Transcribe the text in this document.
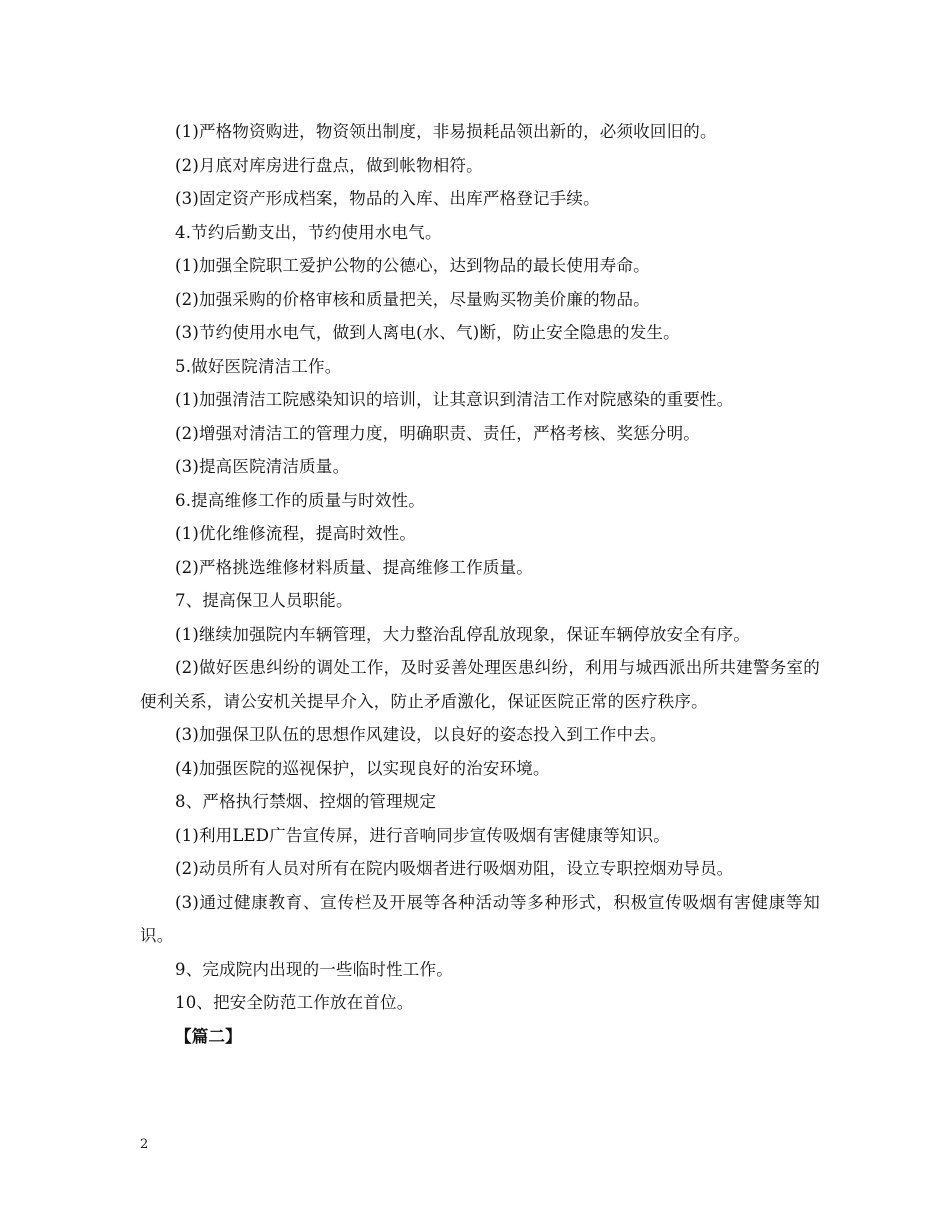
(1)严格物资购进，物资领出制度，非易损耗品领出新的，必须收回旧的。

(2)月底对库房进行盘点，做到帐物相符。

(3)固定资产形成档案，物品的入库、出库严格登记手续。

4.节约后勤支出，节约使用水电气。

(1)加强全院职工爱护公物的公德心，达到物品的最长使用寿命。

(2)加强采购的价格审核和质量把关，尽量购买物美价廉的物品。

(3)节约使用水电气，做到人离电(水、气)断，防止安全隐患的发生。

5.做好医院清洁工作。

(1)加强清洁工院感染知识的培训，让其意识到清洁工作对院感染的重要性。

(2)增强对清洁工的管理力度，明确职责、责任，严格考核、奖惩分明。

(3)提高医院清洁质量。

6.提高维修工作的质量与时效性。

(1)优化维修流程，提高时效性。

(2)严格挑选维修材料质量、提高维修工作质量。

7、提高保卫人员职能。

(1)继续加强院内车辆管理，大力整治乱停乱放现象，保证车辆停放安全有序。

(2)做好医患纠纷的调处工作，及时妥善处理医患纠纷，利用与城西派出所共建警务室的便利关系，请公安机关提早介入，防止矛盾激化，保证医院正常的医疗秩序。

(3)加强保卫队伍的思想作风建设，以良好的姿态投入到工作中去。

(4)加强医院的巡视保护，以实现良好的治安环境。

8、严格执行禁烟、控烟的管理规定

(1)利用LED广告宣传屏，进行音响同步宣传吸烟有害健康等知识。

(2)动员所有人员对所有在院内吸烟者进行吸烟劝阻，设立专职控烟劝导员。

(3)通过健康教育、宣传栏及开展等各种活动等多种形式，积极宣传吸烟有害健康等知识。

9、完成院内出现的一些临时性工作。

10、把安全防范工作放在首位。

【篇二】

2
